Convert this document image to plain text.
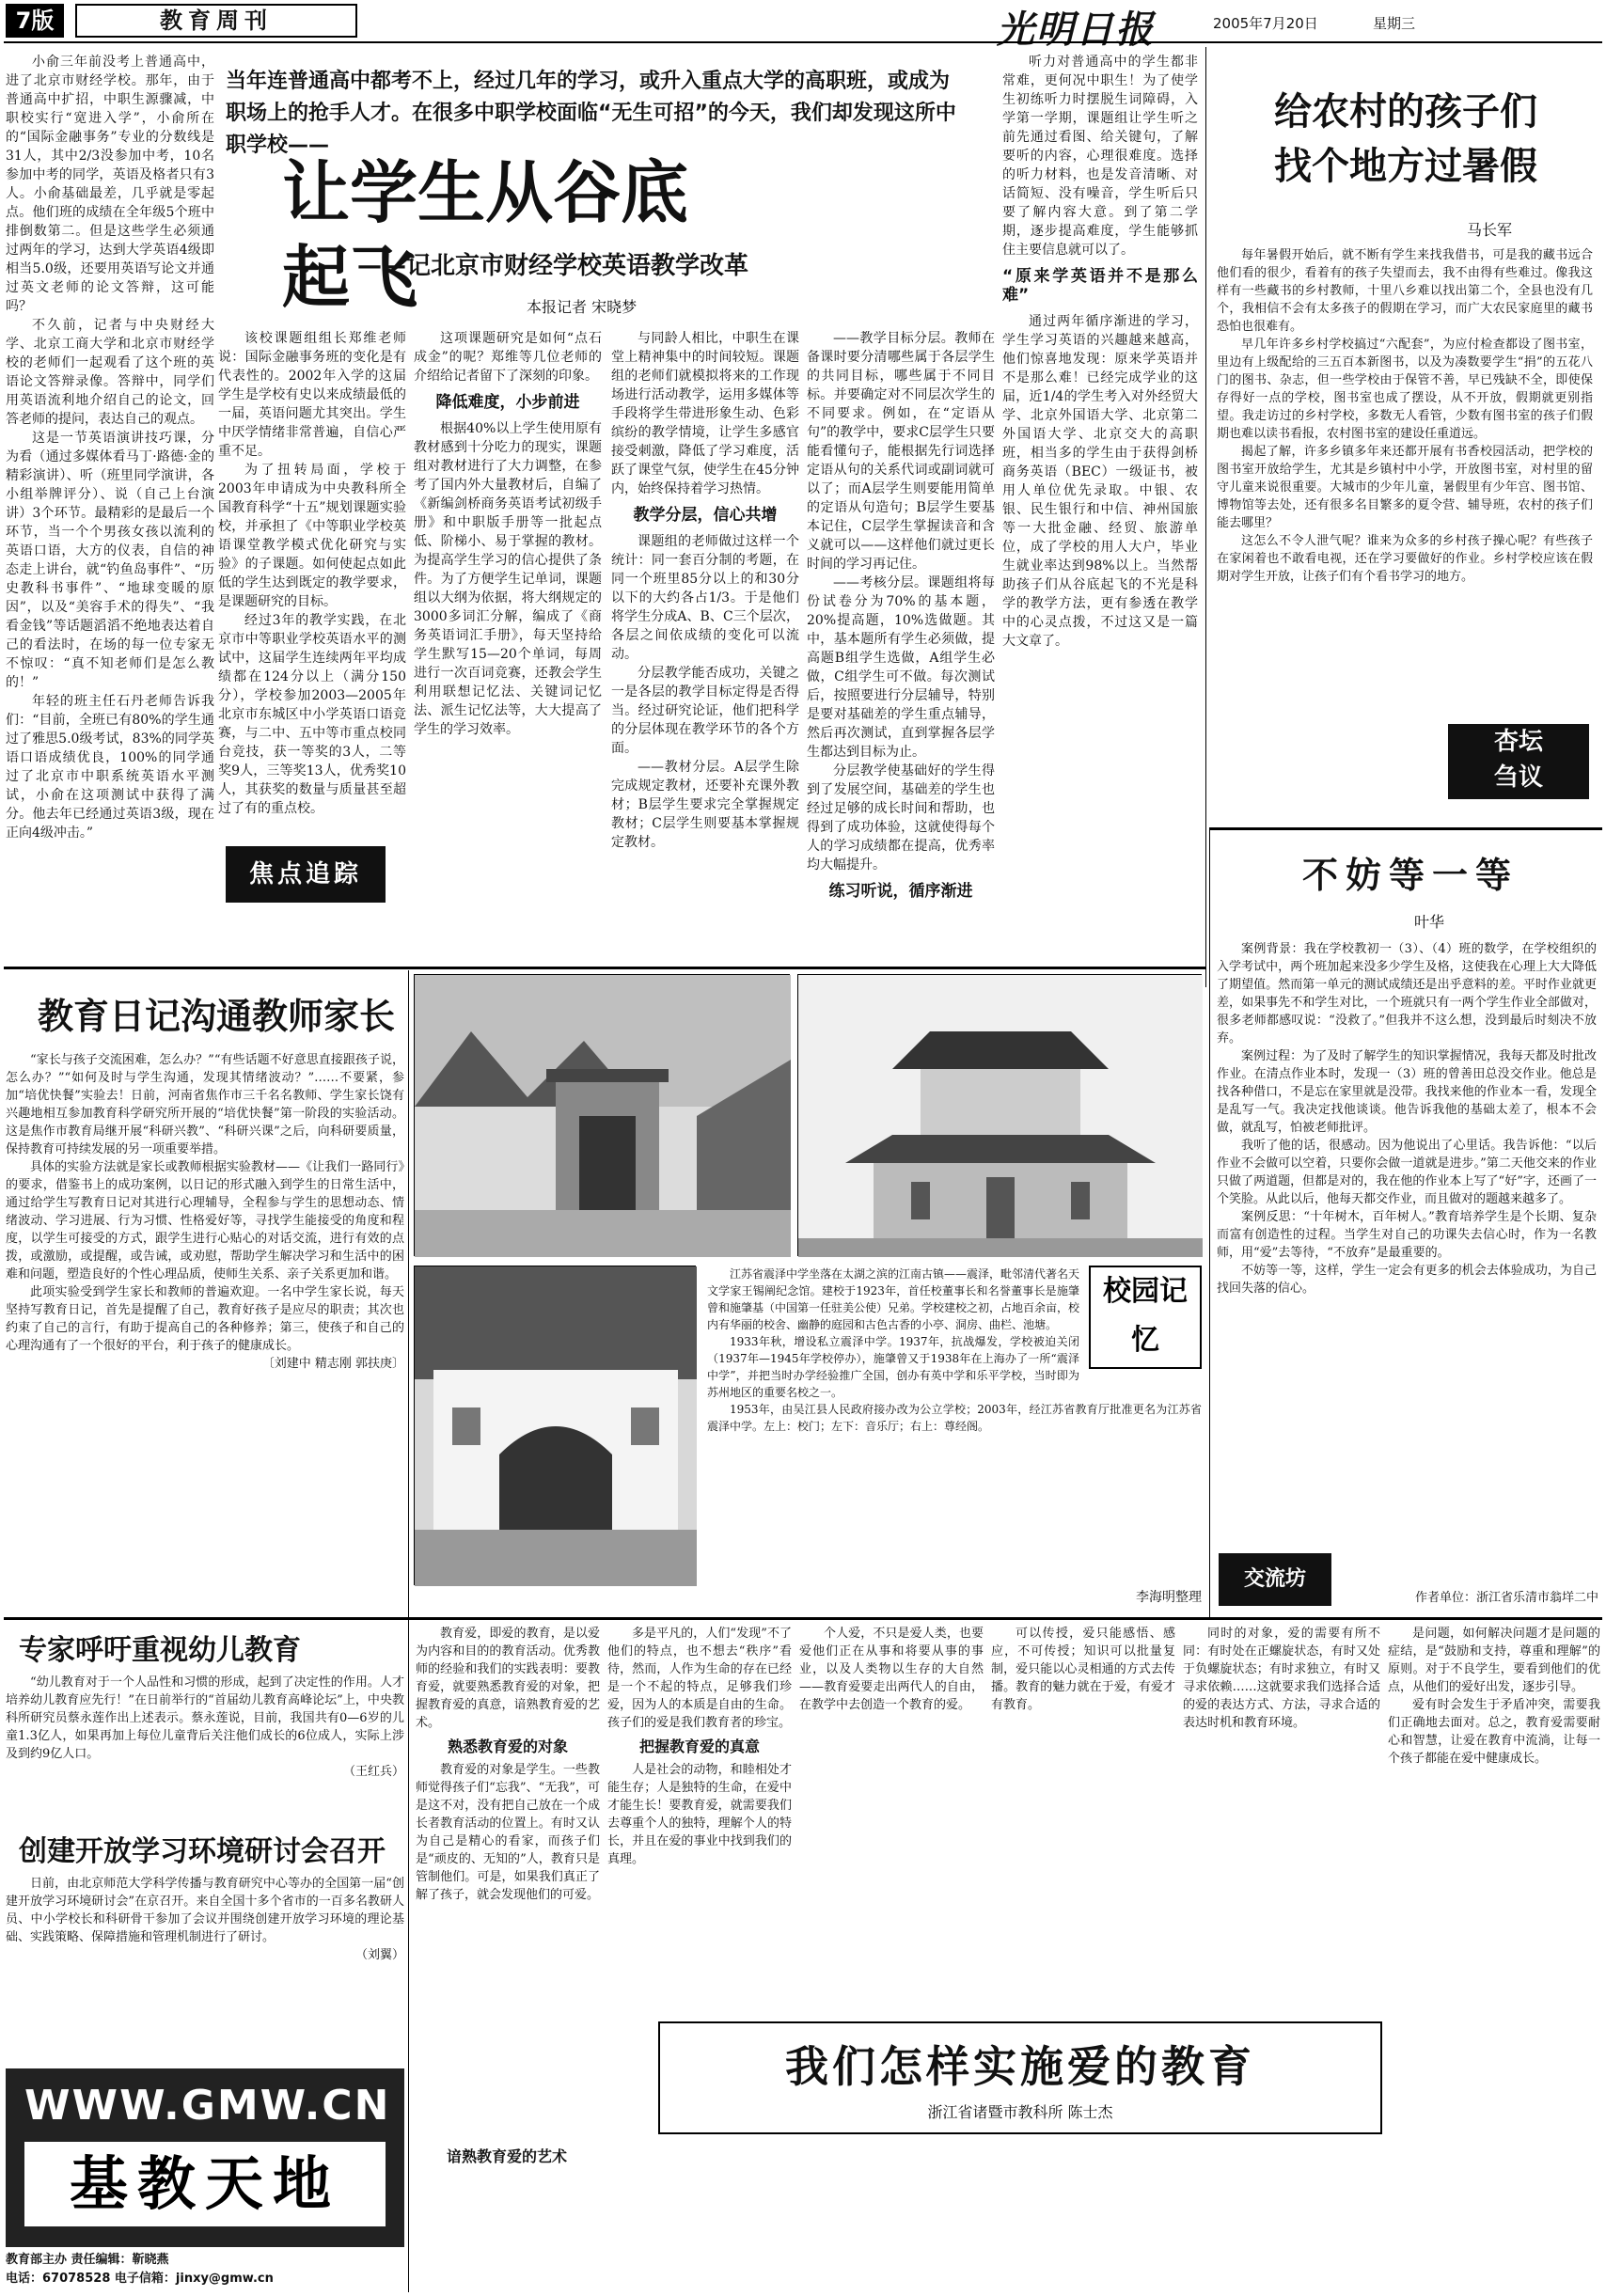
7版	教育周刊	光明日报	2005年7月20日	星期三

小俞三年前没考上普通高中，进了北京市财经学校。那年，由于普通高中扩招，中职生源骤减，中职校实行“宽进入学”，小俞所在的“国际金融事务”专业的分数线是31人，其中2/3没参加中考，10名参加中考的同学，英语及格者只有3人。小俞基础最差，几乎就是零起点。他们班的成绩在全年级5个班中排倒数第二。但是这些学生必须通过两年的学习，达到大学英语4级即相当5.0级，还要用英语写论文并通过英文老师的论文答辩，这可能吗？

不久前，记者与中央财经大学、北京工商大学和北京市财经学校的老师们一起观看了这个班的英语论文答辩录像。答辩中，同学们用英语流利地介绍自己的论文，回答老师的提问，表达自己的观点。

这是一节英语演讲技巧课，分为看（通过多媒体看马丁·路德·金的精彩演讲）、听（班里同学演讲，各小组举牌评分）、说（自己上台演讲）3个环节。最精彩的是最后一个环节，当一个个男孩女孩以流利的英语口语，大方的仪表，自信的神态走上讲台，就“钓鱼岛事件”、“历史教科书事件”、“地球变暖的原因”，以及“美容手术的得失”、“我看金钱”等话题滔滔不绝地表达着自己的看法时，在场的每一位专家无不惊叹：“真不知老师们是怎么教的！”

年轻的班主任石丹老师告诉我们：“目前，全班已有80%的学生通过了雅思5.0级考试，83%的同学英语口语成绩优良，100%的同学通过了北京市中职系统英语水平测试，小俞在这项测试中获得了满分。他去年已经通过英语3级，现在正向4级冲击。”

当年连普通高中都考不上，经过几年的学习，或升入重点大学的高职班，或成为职场上的抢手人才。在很多中职学校面临“无生可招”的今天，我们却发现这所中职学校——
让学生从谷底起飞
——记北京市财经学校英语教学改革
本报记者 宋晓梦

该校课题组组长郑维老师说：国际金融事务班的变化是有代表性的。2002年入学的这届学生是学校有史以来成绩最低的一届，英语问题尤其突出。学生中厌学情绪非常普遍，自信心严重不足。

为了扭转局面，学校于2003年申请成为中央教科所全国教育科学“十五”规划课题实验校，并承担了《中等职业学校英语课堂教学模式优化研究与实验》的子课题。如何使起点如此低的学生达到既定的教学要求，是课题研究的目标。

经过3年的教学实践，在北京市中等职业学校英语水平的测试中，这届学生连续两年平均成绩都在124分以上（满分150分），学校参加2003—2005年北京市东城区中小学英语口语竞赛，与二中、五中等市重点校同台竞技，获一等奖的3人，二等奖9人，三等奖13人，优秀奖10人，其获奖的数量与质量甚至超过了有的重点校。

这项课题研究是如何“点石成金”的呢？郑维等几位老师的介绍给记者留下了深刻的印象。

降低难度，小步前进

根据40%以上学生使用原有教材感到十分吃力的现实，课题组对教材进行了大力调整，在参考了国内外大量教材后，自编了《新编剑桥商务英语考试初级手册》和中职版手册等一批起点低、阶梯小、易于掌握的教材。为提高学生学习的信心提供了条件。为了方便学生记单词，课题组以大纲为依据，将大纲规定的3000多词汇分解，编成了《商务英语词汇手册》，每天坚持给学生默写15—20个单词，每周进行一次百词竞赛，还教会学生利用联想记忆法、关键词记忆法、派生记忆法等，大大提高了学生的学习效率。

与同龄人相比，中职生在课堂上精神集中的时间较短。课题组的老师们就模拟将来的工作现场进行活动教学，运用多媒体等手段将学生带进形象生动、色彩缤纷的教学情境，让学生多感官接受刺激，降低了学习难度，活跃了课堂气氛，使学生在45分钟内，始终保持着学习热情。

教学分层，信心共增

课题组的老师做过这样一个统计：同一套百分制的考题，在同一个班里85分以上的和30分以下的大约各占1/3。于是他们将学生分成A、B、C三个层次，各层之间依成绩的变化可以流动。

分层教学能否成功，关键之一是各层的教学目标定得是否得当。经过研究论证，他们把科学的分层体现在教学环节的各个方面。

——教材分层。A层学生除完成规定教材，还要补充课外教材；B层学生要求完全掌握规定教材；C层学生则要基本掌握规定教材。

——教学目标分层。教师在备课时要分清哪些属于各层学生的共同目标，哪些属于不同目标。并要确定对不同层次学生的不同要求。例如，在“定语从句”的教学中，要求C层学生只要能看懂句子，能根据先行词选择定语从句的关系代词或副词就可以了；而A层学生则要能用简单的定语从句造句；B层学生要基本记住，C层学生掌握读音和含义就可以——这样他们就过更长时间的学习再记住。

——考核分层。课题组将每份试卷分为70%的基本题，20%提高题，10%选做题。其中，基本题所有学生必须做，提高题B组学生选做，A组学生必做，C组学生可不做。每次测试后，按照要进行分层辅导，特别是要对基础差的学生重点辅导，然后再次测试，直到掌握各层学生都达到目标为止。

分层教学使基础好的学生得到了发展空间，基础差的学生也经过足够的成长时间和帮助，也得到了成功体验，这就使得每个人的学习成绩都在提高，优秀率均大幅提升。

练习听说，循序渐进

听力对普通高中的学生都非常难，更何况中职生！为了使学生初练听力时摆脱生词障碍，入学第一学期，课题组让学生听之前先通过看图、给关键句，了解要听的内容，心理很难度。选择的听力材料，也是发音清晰、对话简短、没有噪音，学生听后只要了解内容大意。到了第二学期，逐步提高难度，学生能够抓住主要信息就可以了。

“原来学英语并不是那么难”

通过两年循序渐进的学习，学生学习英语的兴趣越来越高，他们惊喜地发现：原来学英语并不是那么难！已经完成学业的这届，近1/4的学生考入对外经贸大学、北京外国语大学、北京第二外国语大学、北京交大的高职班，相当多的学生由于获得剑桥商务英语（BEC）一级证书，被用人单位优先录取。中银、农银、民生银行和中信、神州国旅等一大批金融、经贸、旅游单位，成了学校的用人大户，毕业生就业率达到98%以上。当然帮助孩子们从谷底起飞的不光是科学的教学方法，更有参透在教学中的心灵点拨，不过这又是一篇大文章了。

焦点追踪
给农村的孩子们
找个地方过暑假
马长军

每年暑假开始后，就不断有学生来找我借书，可是我的藏书远合他们看的很少，看着有的孩子失望而去，我不由得有些难过。像我这样有一些藏书的乡村教师，十里八乡难以找出第二个，全县也没有几个，我相信不会有太多孩子的假期在学习，而广大农民家庭里的藏书恐怕也很难有。

早几年许多乡村学校搞过“六配套”，为应付检查都设了图书室，里边有上级配给的三五百本新图书，以及为凑数要学生“捐”的五花八门的图书、杂志，但一些学校由于保管不善，早已残缺不全，即使保存得好一点的学校，图书室也成了摆设，从不开放，假期就更别指望。我走访过的乡村学校，多数无人看管，少数有图书室的孩子们假期也难以读书看报，农村图书室的建设任重道远。

揭起了解，许多乡镇多年来还都开展有书香校园活动，把学校的图书室开放给学生，尤其是乡镇村中小学，开放图书室，对村里的留守儿童来说很重要。大城市的少年儿童，暑假里有少年宫、图书馆、博物馆等去处，还有很多名目繁多的夏令营、辅导班，农村的孩子们能去哪里？

这怎么不令人泄气呢？谁来为众多的乡村孩子操心呢？有些孩子在家闲着也不敢看电视，还在学习要做好的作业。乡村学校应该在假期对学生开放，让孩子们有个看书学习的地方。

杏坛
刍议
不妨等一等
叶华

案例背景：我在学校教初一（3）、（4）班的数学，在学校组织的入学考试中，两个班加起来没多少学生及格，这使我在心理上大大降低了期望值。然而第一单元的测试成绩还是出乎意料的差。平时作业就更差，如果事先不和学生对比，一个班就只有一两个学生作业全部做对，很多老师都感叹说：“没救了。”但我并不这么想，没到最后时刻决不放弃。

案例过程：为了及时了解学生的知识掌握情况，我每天都及时批改作业。在清点作业本时，发现一（3）班的曾善田总没交作业。他总是找各种借口，不是忘在家里就是没带。我找来他的作业本一看，发现全是乱写一气。我决定找他谈谈。他告诉我他的基础太差了，根本不会做，就乱写，怕被老师批评。

我听了他的话，很感动。因为他说出了心里话。我告诉他：“以后作业不会做可以空着，只要你会做一道就是进步。”第二天他交来的作业只做了两道题，但都是对的，我在他的作业本上写了“好”字，还画了一个笑脸。从此以后，他每天都交作业，而且做对的题越来越多了。

案例反思：“十年树木，百年树人。”教育培养学生是个长期、复杂而富有创造性的过程。当学生对自己的功课失去信心时，作为一名教师，用“爱”去等待，“不放弃”是最重要的。

不妨等一等，这样，学生一定会有更多的机会去体验成功，为自己找回失落的信心。

交流坊
作者单位：浙江省乐清市翁垟二中
教育日记沟通教师家长

“家长与孩子交流困难，怎么办？”“有些话题不好意思直接跟孩子说，怎么办？”“如何及时与学生沟通，发现其情绪波动？”……不要紧，参加“培优快餐”实验去！日前，河南省焦作市三千名名教师、学生家长饶有兴趣地相互参加教育科学研究所开展的“培优快餐”第一阶段的实验活动。这是焦作市教育局继开展“科研兴教”、“科研兴课”之后，向科研要质量，保持教育可持续发展的另一项重要举措。

具体的实验方法就是家长或教师根据实验教材——《让我们一路同行》的要求，借鉴书上的成功案例，以日记的形式融入到学生的日常生活中，通过给学生写教育日记对其进行心理辅导，全程参与学生的思想动态、情绪波动、学习进展、行为习惯、性格爱好等，寻找学生能接受的角度和程度，以学生可接受的方式，跟学生进行心贴心的对话交流，进行有效的点拨，或激励，或提醒，或告诫，或劝慰，帮助学生解决学习和生活中的困难和问题，塑造良好的个性心理品质，使师生关系、亲子关系更加和谐。

此项实验受到学生家长和教师的普遍欢迎。一名中学生家长说，每天坚持写教育日记，首先是提醒了自己，教育好孩子是应尽的职责；其次也约束了自己的言行，有助于提高自己的各种修养；第三，使孩子和自己的心理沟通有了一个很好的平台，利于孩子的健康成长。

〔刘建中 精志刚 郭扶庚〕
校园记忆

江苏省震泽中学坐落在太湖之滨的江南古镇——震泽，毗邻清代著名天文学家王锡阐纪念馆。建校于1923年，首任校董事长和名誉董事长是施肇曾和施肇基（中国第一任驻美公使）兄弟。学校建校之初，占地百余亩，校内有华丽的校舍、幽静的庭园和古色古香的小亭、洞房、曲栏、池塘。

1933年秋，增设私立震泽中学。1937年，抗战爆发，学校被迫关闭（1937年—1945年学校停办），施肇曾又于1938年在上海办了一所“震泽中学”，并把当时办学经验推广全国，创办有英中学和乐平学校，当时即为苏州地区的重要名校之一。

1953年，由吴江县人民政府接办改为公立学校；2003年，经江苏省教育厅批准更名为江苏省震泽中学。左上：校门；左下：音乐厅；右上：尊经阁。

李海明整理
专家呼吁重视幼儿教育

“幼儿教育对于一个人品性和习惯的形成，起到了决定性的作用。人才培养幼儿教育应先行！”在日前举行的“首届幼儿教育高峰论坛”上，中央教科所研究员蔡永莲作出上述表示。蔡永莲说，目前，我国共有0—6岁的儿童1.3亿人，如果再加上每位儿童背后关注他们成长的6位成人，实际上涉及到约9亿人口。

（王红兵）
创建开放学习环境研讨会召开

日前，由北京师范大学科学传播与教育研究中心等办的全国第一届“创建开放学习环境研讨会”在京召开。来自全国十多个省市的一百多名教研人员、中小学校长和科研骨干参加了会议并围绕创建开放学习环境的理论基础、实践策略、保障措施和管理机制进行了研讨。

（刘翼）
WWW.GMW.CN
基教天地
教育部主办 责任编辑：靳晓燕
电话：67078528 电子信箱：jinxy@gmw.cn

教育爱，即爱的教育，是以爱为内容和目的的教育活动。优秀教师的经验和我们的实践表明：要教育爱，就要熟悉教育爱的对象，把握教育爱的真意，谙熟教育爱的艺术。

熟悉教育爱的对象

教育爱的对象是学生。一些教师觉得孩子们“忘我”、“无我”，可是这不对，没有把自己放在一个成长者教育活动的位置上。有时又认为自己是精心的看家，而孩子们是“顽皮的、无知的”人，教育只是管制他们。可是，如果我们真正了解了孩子，就会发现他们的可爱。

多是平凡的，人们“发现”不了他们的特点，也不想去“秩序”看待，然而，人作为生命的存在已经是一个不起的特点，足够我们珍爱，因为人的本质是自由的生命。孩子们的爱是我们教育者的珍宝。

把握教育爱的真意

人是社会的动物，和睦相处才能生存；人是独特的生命，在爱中才能生长！要教育爱，就需要我们去尊重个人的独特，理解个人的特长，并且在爱的事业中找到我们的真理。

个人爱，不只是爱人类，也要爱他们正在从事和将要从事的事业，以及人类物以生存的大自然——教育爱要走出两代人的自由，在教学中去创造一个教育的爱。

可以传授，爱只能感悟、感应，不可传授；知识可以批量复制，爱只能以心灵相通的方式去传播。教育的魅力就在于爱，有爱才有教育。

同时的对象，爱的需要有所不同：有时处在正螺旋状态，有时又处于负螺旋状态；有时求独立，有时又寻求依赖……这就要求我们选择合适的爱的表达方式、方法，寻求合适的表达时机和教育环境。

是问题，如何解决问题才是问题的症结，是“鼓励和支持，尊重和理解”的原则。对于不良学生，要看到他们的优点，从他们的爱好出发，逐步引导。

爱有时会发生于矛盾冲突，需要我们正确地去面对。总之，教育爱需要耐心和智慧，让爱在教育中流淌，让每一个孩子都能在爱中健康成长。

我们怎样实施爱的教育
浙江省诸暨市教科所 陈士杰
谙熟教育爱的艺术
